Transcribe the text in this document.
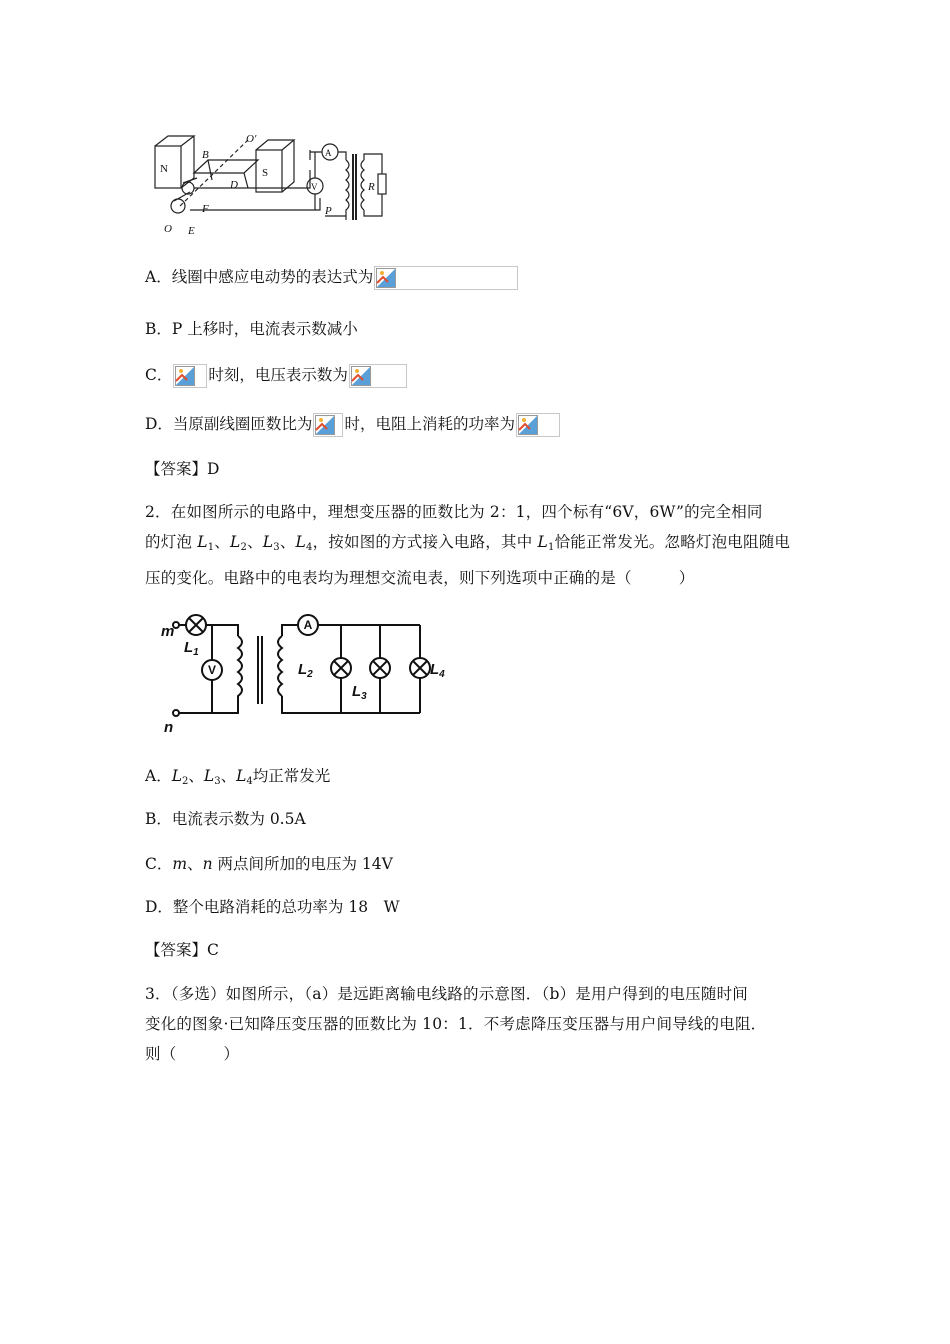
N	S
B
O′
D
F
O E
A
V	R
P
A．线圈中感应电动势的表达式为
B．P 上移时，电流表示数减小
C． 时刻，电压表示数为
D．当原副线圈匝数比为 时，电阻上消耗的功率为
【答案】D
2．在如图所示的电路中，理想变压器的匝数比为 2：1，四个标有“6V，6W”的完全相同
的灯泡 $L_1$、$L_2$、$L_3$、$L_4$，按如图的方式接入电路，其中 $L_1$恰能正常发光。忽略灯泡电阻随电
压的变化。电路中的电表均为理想交流电表，则下列选项中正确的是（　　　）
m
n
$L_1$
$L_2$
$L_3$
$L_4$
V
A
A．$L_2$、$L_3$、$L_4$均正常发光
B．电流表示数为 0.5A
C．m、n 两点间所加的电压为 14V
D．整个电路消耗的总功率为 18　W
【答案】C
3．（多选）如图所示，（a）是远距离输电线路的示意图．（b）是用户得到的电压随时间
变化的图象·已知降压变压器的匝数比为 10：1．不考虑降压变压器与用户间导线的电阻．
则（　　　）
